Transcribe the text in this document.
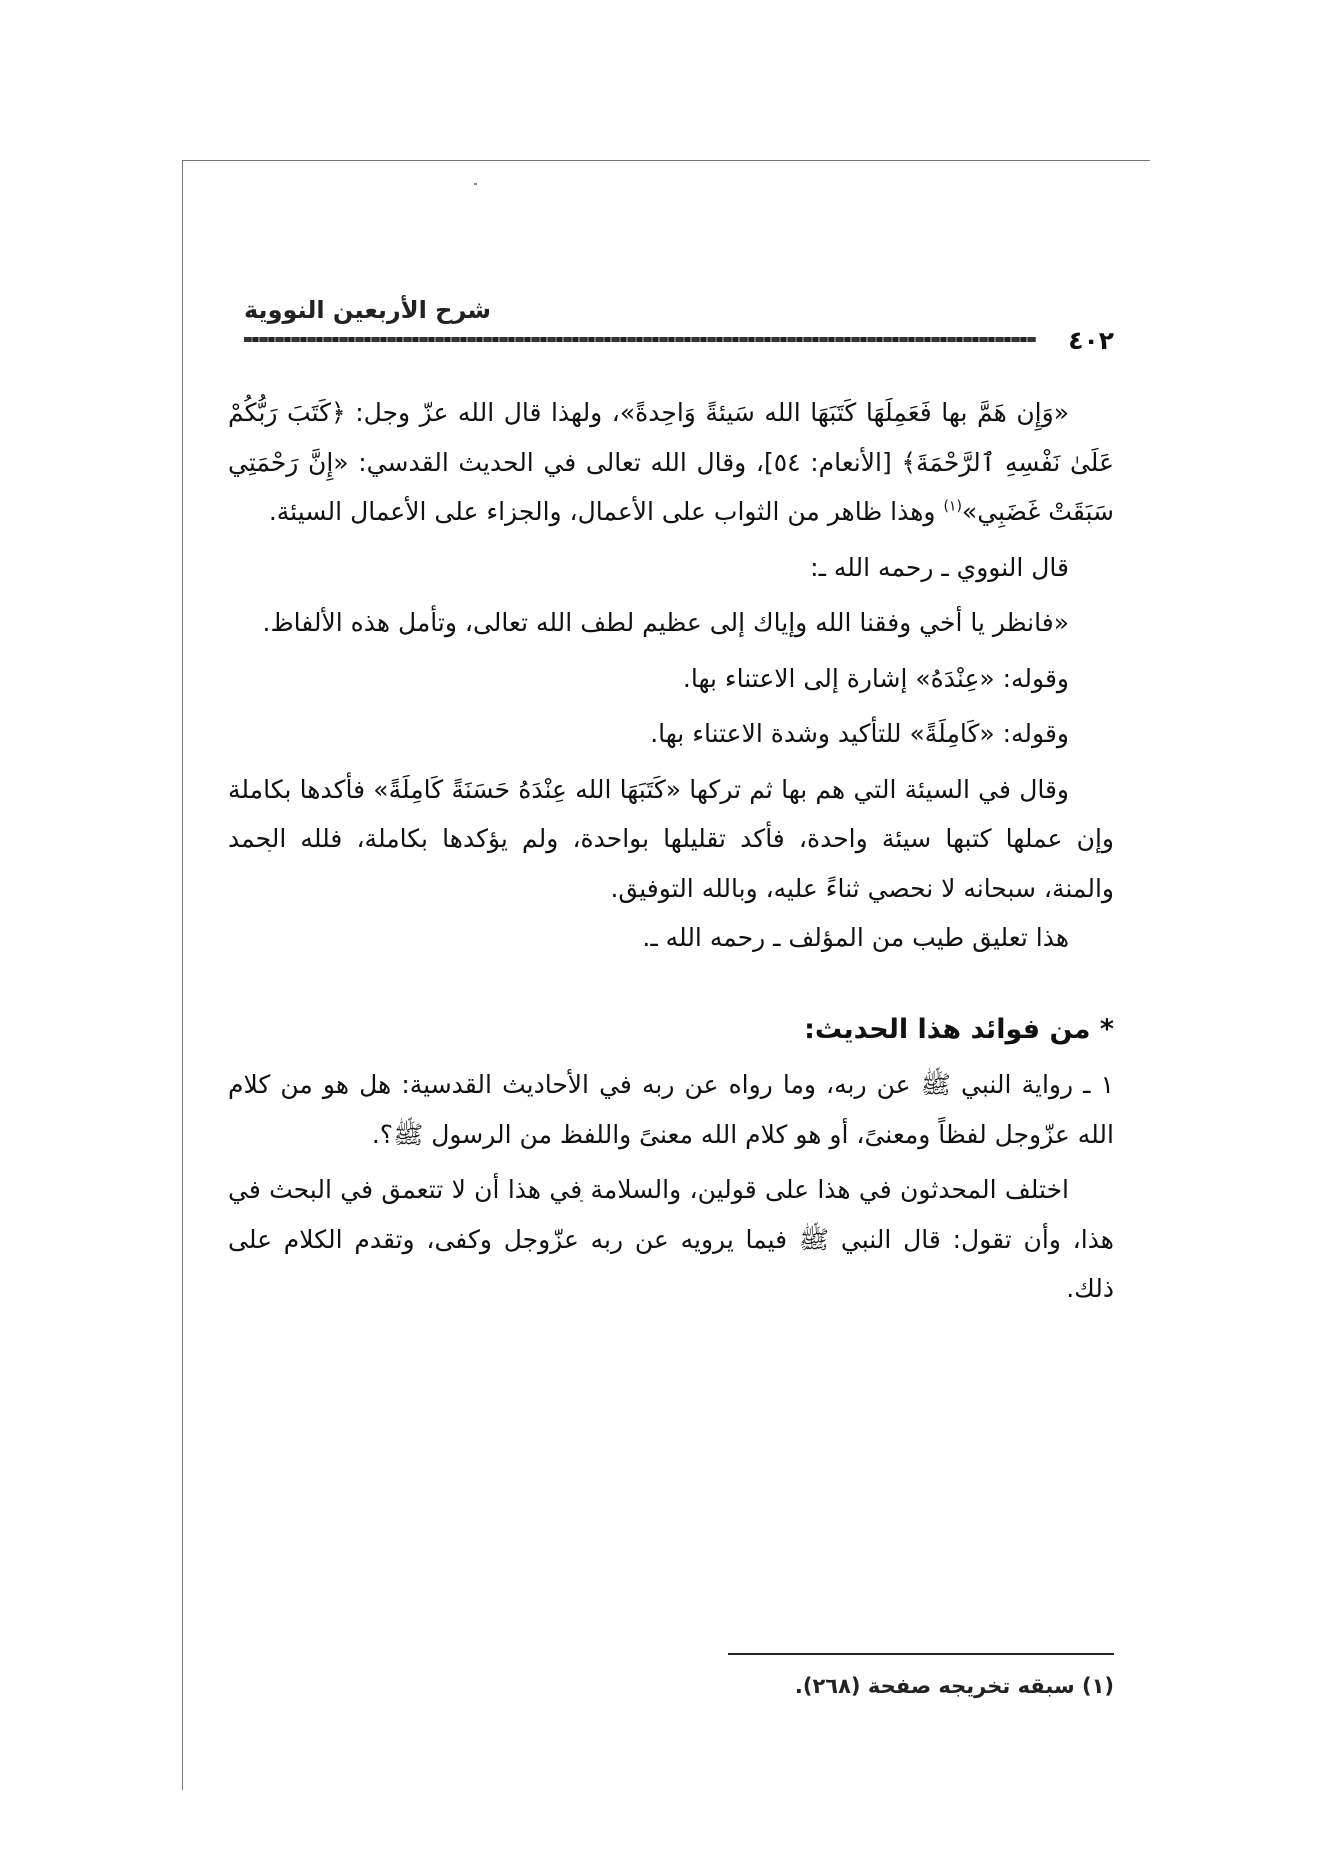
شرح الأربعين النووية
٤٠٢

«وَإِن هَمَّ بها فَعَمِلَهَا كَتَبَهَا الله سَيئةً وَاحِدةً»، ولهذا قال الله عزّ وجل: ﴿كَتَبَ رَبُّكُمْ عَلَىٰ نَفْسِهِ ٱلرَّحْمَةَ﴾ [الأنعام: ٥٤]، وقال الله تعالى في الحديث القدسي: «إِنَّ رَحْمَتِي سَبَقَتْ غَضَبِي»$^{(١)}$ وهذا ظاهر من الثواب على الأعمال، والجزاء على الأعمال السيئة.

قال النووي ـ رحمه الله ـ:

«فانظر يا أخي وفقنا الله وإياك إلى عظيم لطف الله تعالى، وتأمل هذه الألفاظ.

وقوله: «عِنْدَهُ» إشارة إلى الاعتناء بها.

وقوله: «كَامِلَةً» للتأكيد وشدة الاعتناء بها.

وقال في السيئة التي هم بها ثم تركها «كَتَبَهَا الله عِنْدَهُ حَسَنَةً كَامِلَةً» فأكدها بكاملة وإن عملها كتبها سيئة واحدة، فأكد تقليلها بواحدة، ولم يؤكدها بكاملة، فلله الحمد والمنة، سبحانه لا نحصي ثناءً عليه، وبالله التوفيق.

هذا تعليق طيب من المؤلف ـ رحمه الله ـ.

* من فوائد هذا الحديث:

١ ـ رواية النبي ﷺ عن ربه، وما رواه عن ربه في الأحاديث القدسية: هل هو من كلام الله عزّوجل لفظاً ومعنىً، أو هو كلام الله معنىً واللفظ من الرسول ﷺ؟.

اختلف المحدثون في هذا على قولين، والسلامة في هذا أن لا تتعمق في البحث في هذا، وأن تقول: قال النبي ﷺ فيما يرويه عن ربه عزّوجل وكفى، وتقدم الكلام على ذلك.

(١) سبقه تخريجه صفحة (٢٦٨).
